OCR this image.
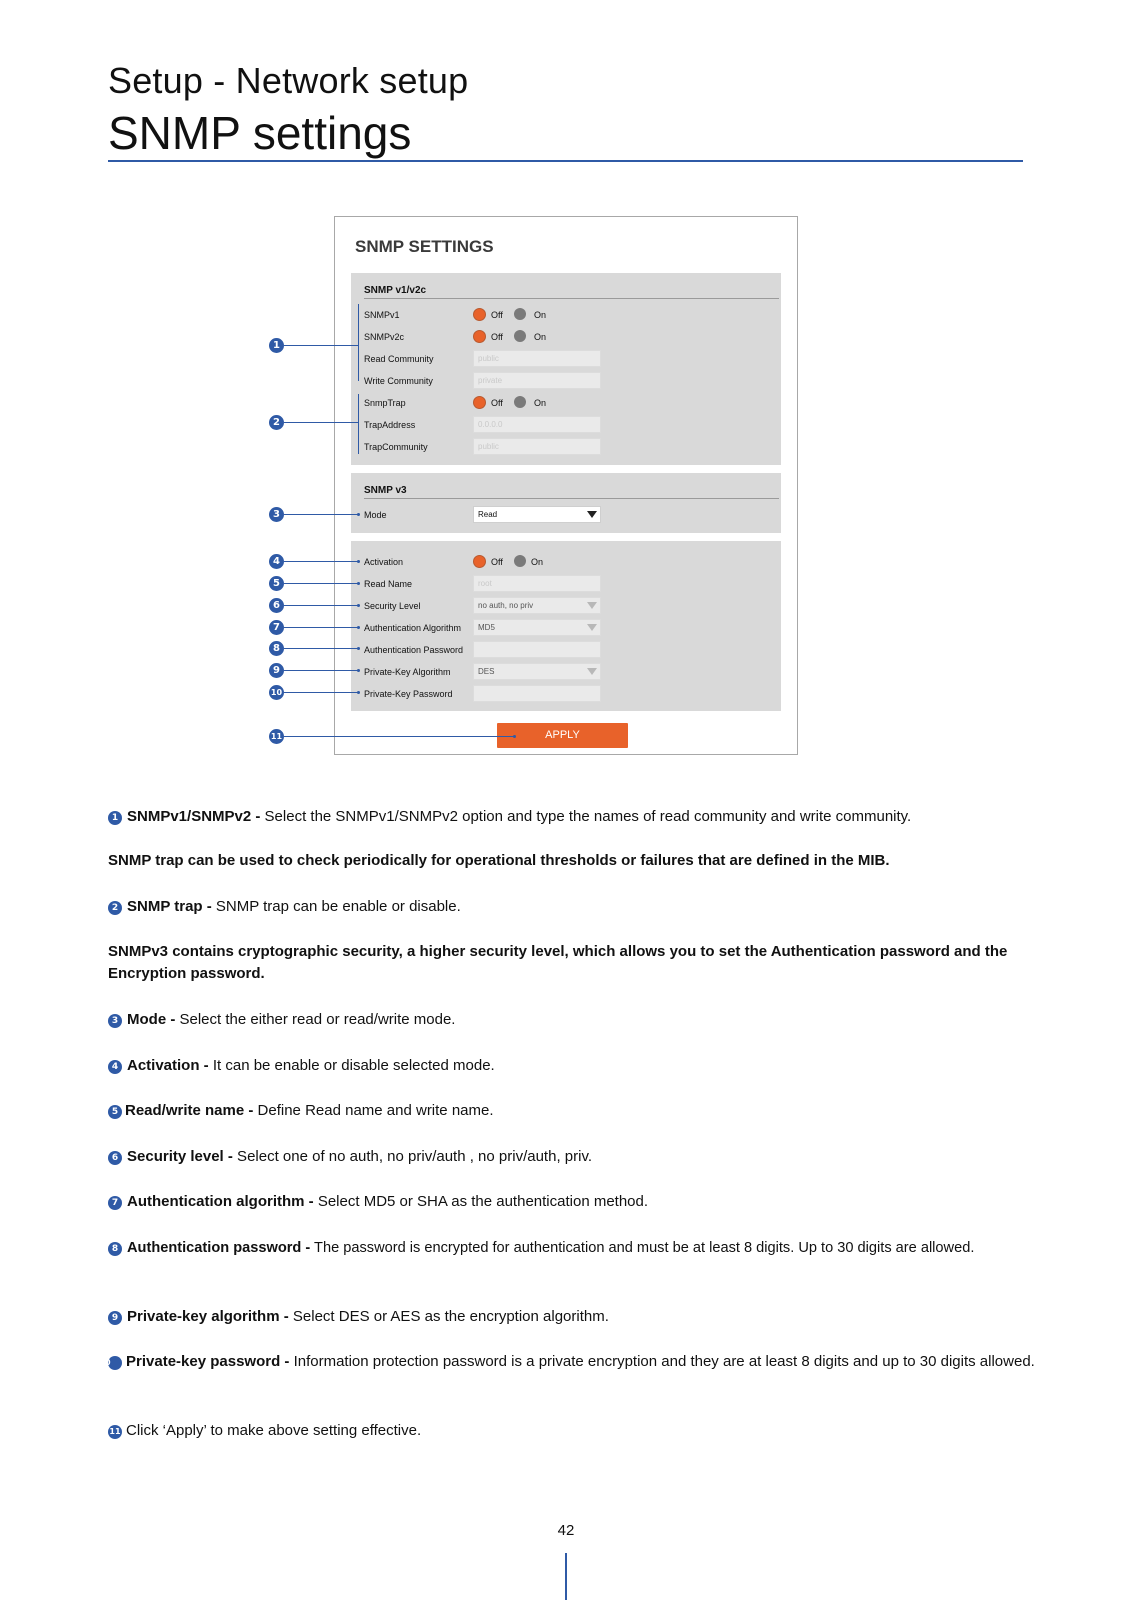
Setup - Network setup
SNMP settings
SNMP SETTINGS
SNMP v1/v2c
SNMPv1	Off	On
SNMPv2c	Off	On
Read Community	public
Write Community	private
SnmpTrap	Off	On
TrapAddress	0.0.0.0
TrapCommunity	public
SNMP v3
Mode	Read
Activation	Off	On
Read Name	root
Security Level	no auth, no priv
Authentication Algorithm	MD5
Authentication Password
Private-Key Algorithm	DES
Private-Key Password
APPLY
1
2
3
4
5
6
7
8
9
10
11
1 SNMPv1/SNMPv2 - Select the SNMPv1/SNMPv2 option and type the names of read community and write community.
SNMP trap can be used to check periodically for operational thresholds or failures that are defined in the MIB.
2 SNMP trap - SNMP trap can be enable or disable.
SNMPv3 contains cryptographic security, a higher security level, which allows you to set the Authentication password and the Encryption password.
3 Mode - Select the either read or read/write mode.
4 Activation - It can be enable or disable selected mode.
5 Read/write name - Define Read name and write name.
6 Security level - Select one of no auth, no priv/auth , no priv/auth, priv.
7 Authentication algorithm - Select MD5 or SHA as the authentication method.
8 Authentication password - The password is encrypted for authentication and must be at least 8 digits. Up to 30 digits are allowed.
9 Private-key algorithm - Select DES or AES as the encryption algorithm.
10 Private-key password - Information protection password is a private encryption and they are at least 8 digits and up to 30 digits allowed.
11 Click ‘Apply’ to make above setting effective.
42
